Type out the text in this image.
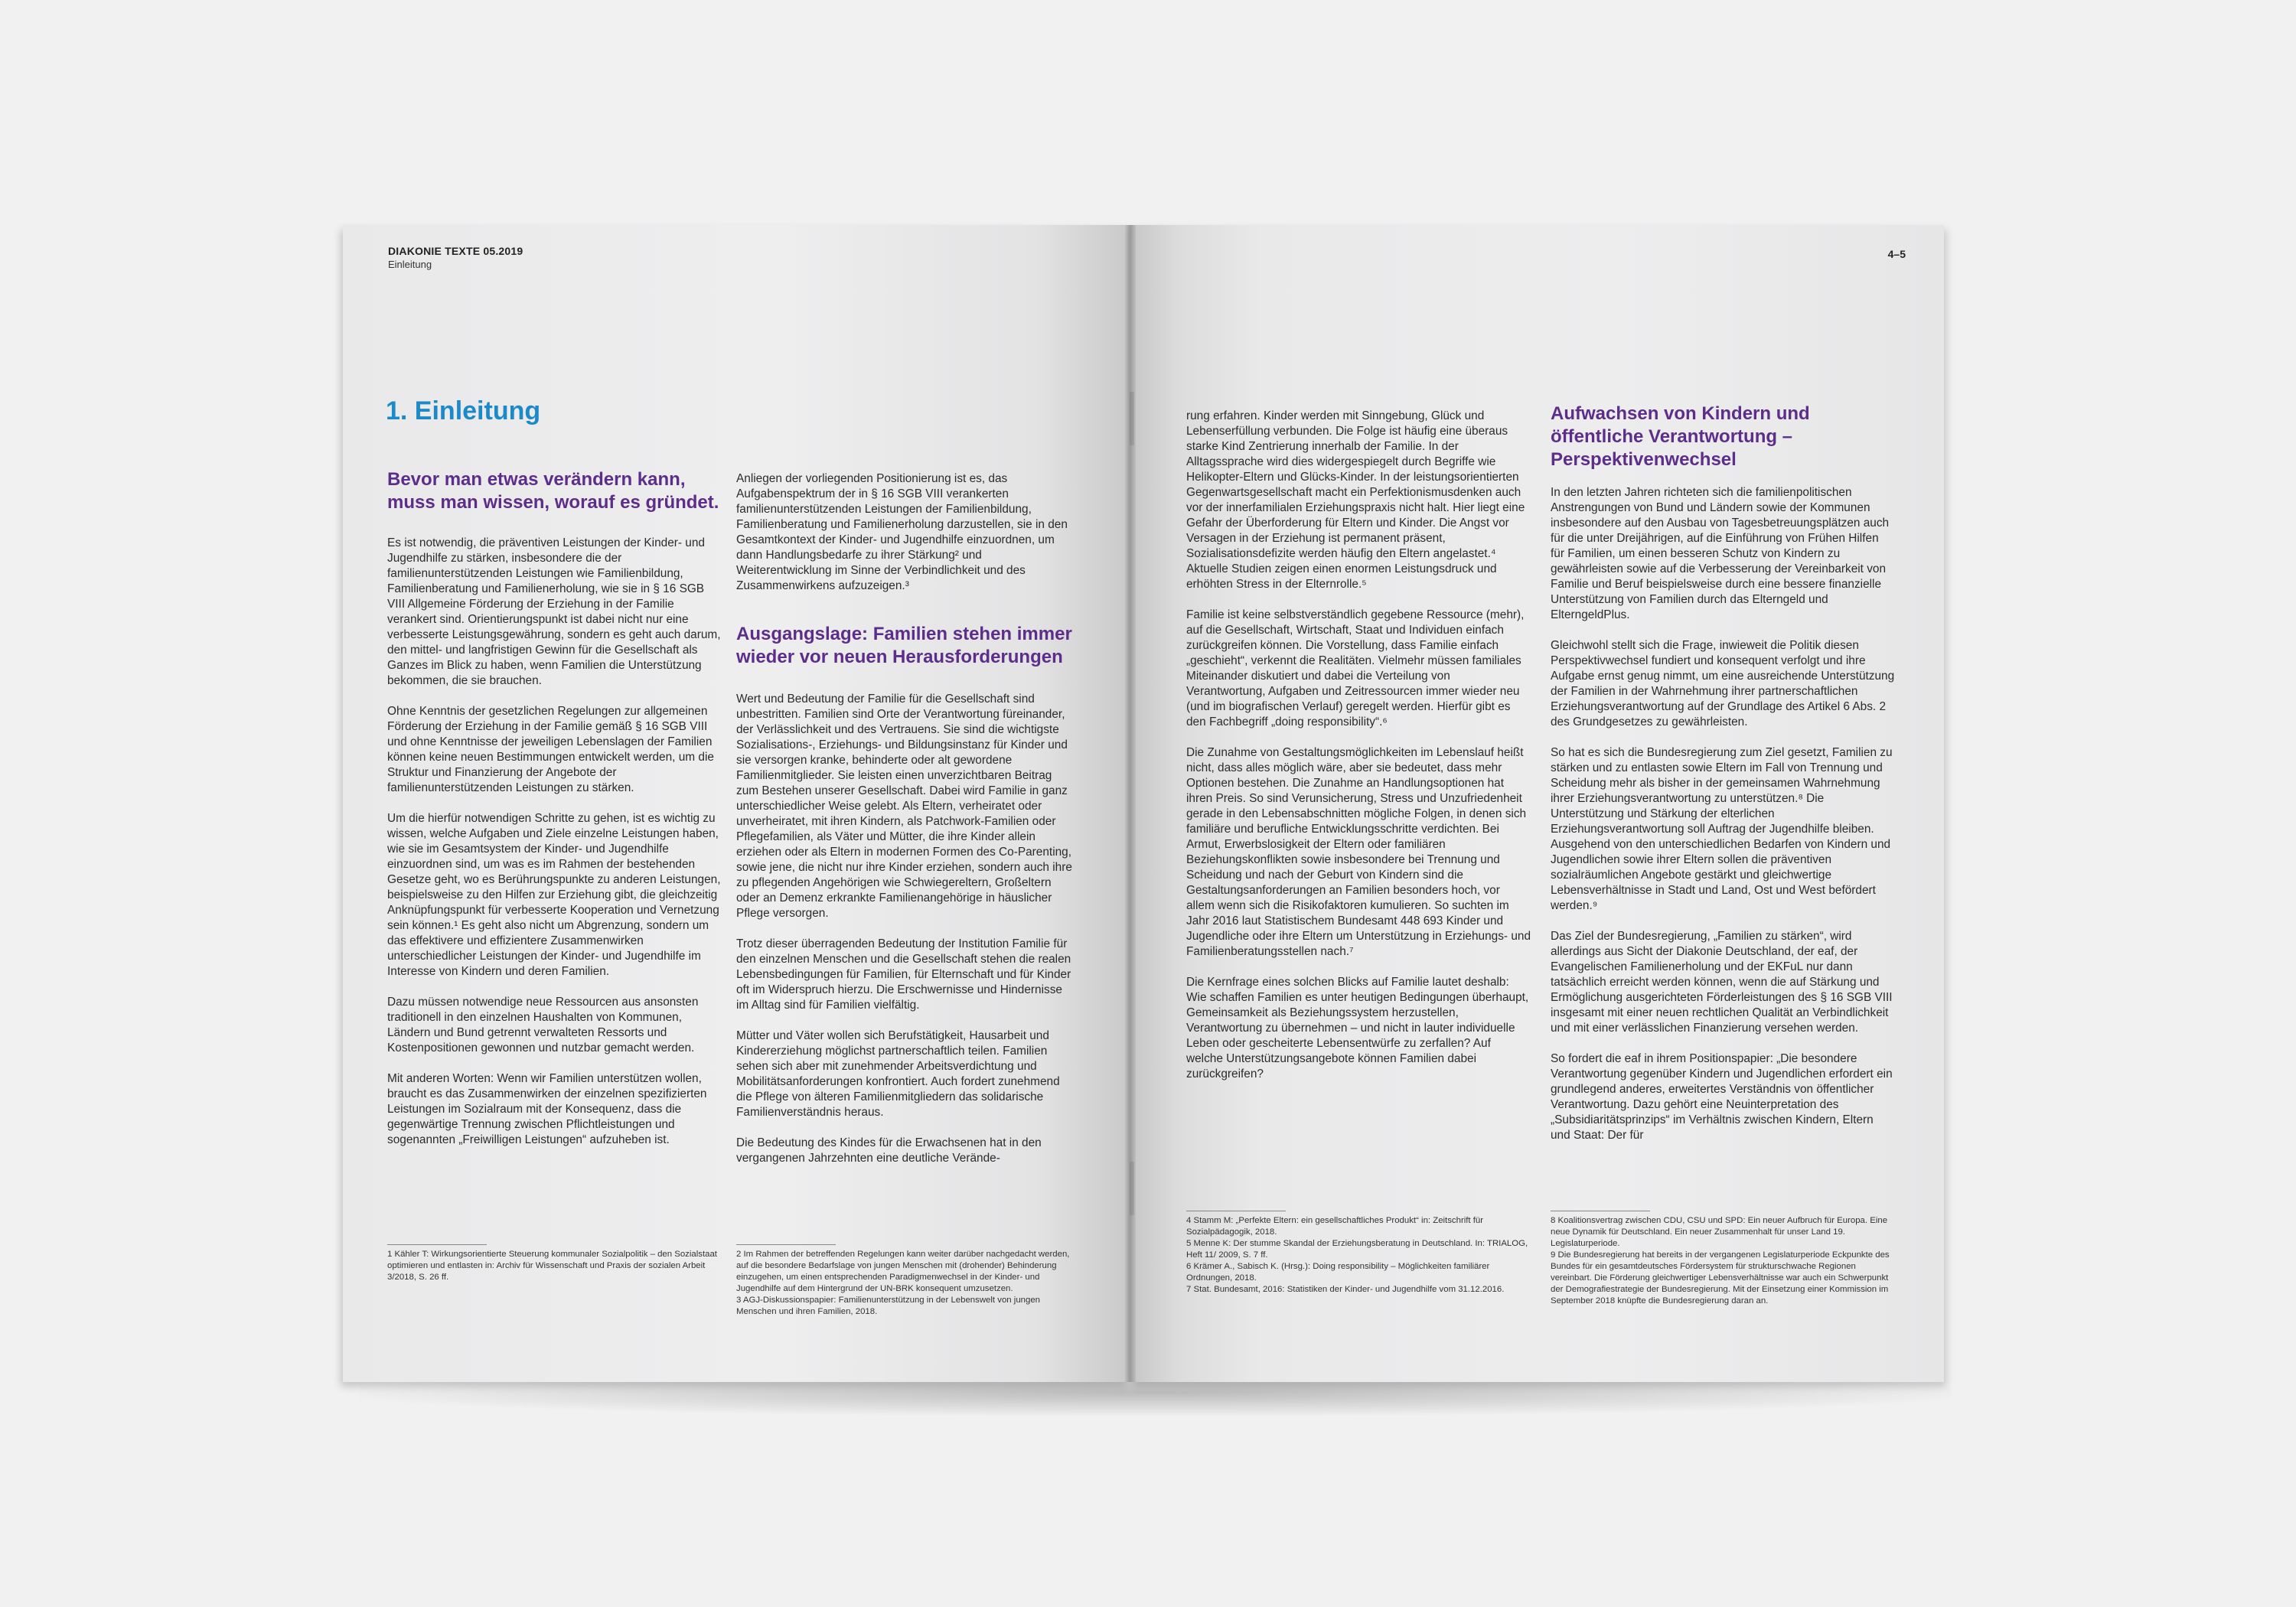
DIAKONIE TEXTE 05.2019
Einleitung
1. Einleitung
Bevor man etwas verändern kann, muss man wissen, worauf es gründet.

Es ist notwendig, die präventiven Leistungen der Kinder- und Jugendhilfe zu stärken, insbesondere die der familienunterstützenden Leistungen wie Familienbildung, Familienberatung und Familienerholung, wie sie in § 16 SGB VIII Allgemeine Förderung der Erziehung in der Familie verankert sind. Orientierungspunkt ist dabei nicht nur eine verbesserte Leistungsgewährung, sondern es geht auch darum, den mittel- und langfristigen Gewinn für die Gesellschaft als Ganzes im Blick zu haben, wenn Familien die Unterstützung bekommen, die sie brauchen.

Ohne Kenntnis der gesetzlichen Regelungen zur allgemeinen Förderung der Erziehung in der Familie gemäß § 16 SGB VIII und ohne Kenntnisse der jeweiligen Lebenslagen der Familien können keine neuen Bestimmungen entwickelt werden, um die Struktur und Finanzierung der Angebote der familienunterstützenden Leistungen zu stärken.

Um die hierfür notwendigen Schritte zu gehen, ist es wichtig zu wissen, welche Aufgaben und Ziele einzelne Leistungen haben, wie sie im Gesamtsystem der Kinder- und Jugendhilfe einzuordnen sind, um was es im Rahmen der bestehenden Gesetze geht, wo es Berührungspunkte zu anderen Leistungen, beispielsweise zu den Hilfen zur Erziehung gibt, die gleichzeitig Anknüpfungspunkt für verbesserte Kooperation und Vernetzung sein können.¹ Es geht also nicht um Abgrenzung, sondern um das effektivere und effizientere Zusammenwirken unterschiedlicher Leistungen der Kinder- und Jugendhilfe im Interesse von Kindern und deren Familien.

Dazu müssen notwendige neue Ressourcen aus ansonsten traditionell in den einzelnen Haushalten von Kommunen, Ländern und Bund getrennt verwalteten Ressorts und Kostenpositionen gewonnen und nutzbar gemacht werden.

Mit anderen Worten: Wenn wir Familien unterstützen wollen, braucht es das Zusammenwirken der einzelnen spezifizierten Leistungen im Sozialraum mit der Konsequenz, dass die gegenwärtige Trennung zwischen Pflichtleistungen und sogenannten „Freiwilligen Leistungen“ aufzuheben ist.

1 Kähler T: Wirkungsorientierte Steuerung kommunaler Sozialpolitik – den Sozialstaat optimieren und entlasten in: Archiv für Wissenschaft und Praxis der sozialen Arbeit 3/2018, S. 26 ff.

Anliegen der vorliegenden Positionierung ist es, das Aufgabenspektrum der in § 16 SGB VIII verankerten familienunterstützenden Leistungen der Familienbildung, Familienberatung und Familienerholung darzustellen, sie in den Gesamtkontext der Kinder- und Jugendhilfe einzuordnen, um dann Handlungsbedarfe zu ihrer Stärkung² und Weiterentwicklung im Sinne der Verbindlichkeit und des Zusammenwirkens aufzuzeigen.³

Ausgangslage: Familien stehen immer wieder vor neuen Herausforderungen

Wert und Bedeutung der Familie für die Gesellschaft sind unbestritten. Familien sind Orte der Verantwortung füreinander, der Verlässlichkeit und des Vertrauens. Sie sind die wichtigste Sozialisations-, Erziehungs- und Bildungsinstanz für Kinder und sie versorgen kranke, behinderte oder alt gewordene Familienmitglieder. Sie leisten einen unverzichtbaren Beitrag zum Bestehen unserer Gesellschaft. Dabei wird Familie in ganz unterschiedlicher Weise gelebt. Als Eltern, verheiratet oder unverheiratet, mit ihren Kindern, als Patchwork-Familien oder Pflegefamilien, als Väter und Mütter, die ihre Kinder allein erziehen oder als Eltern in modernen Formen des Co-Parenting, sowie jene, die nicht nur ihre Kinder erziehen, sondern auch ihre zu pflegenden Angehörigen wie Schwiegereltern, Großeltern oder an Demenz erkrankte Familienangehörige in häuslicher Pflege versorgen.

Trotz dieser überragenden Bedeutung der Institution Familie für den einzelnen Menschen und die Gesellschaft stehen die realen Lebensbedingungen für Familien, für Elternschaft und für Kinder oft im Widerspruch hierzu. Die Erschwernisse und Hindernisse im Alltag sind für Familien vielfältig.

Mütter und Väter wollen sich Berufstätigkeit, Hausarbeit und Kindererziehung möglichst partnerschaftlich teilen. Familien sehen sich aber mit zunehmender Arbeitsverdichtung und Mobilitätsanforderungen konfrontiert. Auch fordert zunehmend die Pflege von älteren Familienmitgliedern das solidarische Familienverständnis heraus.

Die Bedeutung des Kindes für die Erwachsenen hat in den vergangenen Jahrzehnten eine deutliche Verände-

2 Im Rahmen der betreffenden Regelungen kann weiter darüber nachgedacht werden, auf die besondere Bedarfslage von jungen Menschen mit (drohender) Behinderung einzugehen, um einen entsprechenden Paradigmenwechsel in der Kinder- und Jugendhilfe auf dem Hintergrund der UN-BRK konsequent umzusetzen.

3 AGJ-Diskussionspapier: Familienunterstützung in der Lebenswelt von jungen Menschen und ihren Familien, 2018.

4–5

rung erfahren. Kinder werden mit Sinngebung, Glück und Lebenserfüllung verbunden. Die Folge ist häufig eine überaus starke Kind Zentrierung innerhalb der Familie. In der Alltagssprache wird dies widergespiegelt durch Begriffe wie Helikopter-Eltern und Glücks-Kinder. In der leistungsorientierten Gegenwartsgesellschaft macht ein Perfektionismusdenken auch vor der innerfamilialen Erziehungspraxis nicht halt. Hier liegt eine Gefahr der Überforderung für Eltern und Kinder. Die Angst vor Versagen in der Erziehung ist permanent präsent, Sozialisationsdefizite werden häufig den Eltern angelastet.⁴ Aktuelle Studien zeigen einen enormen Leistungsdruck und erhöhten Stress in der Elternrolle.⁵

Familie ist keine selbstverständlich gegebene Ressource (mehr), auf die Gesellschaft, Wirtschaft, Staat und Individuen einfach zurückgreifen können. Die Vorstellung, dass Familie einfach „geschieht“, verkennt die Realitäten. Vielmehr müssen familiales Miteinander diskutiert und dabei die Verteilung von Verantwortung, Aufgaben und Zeitressourcen immer wieder neu (und im biografischen Verlauf) geregelt werden. Hierfür gibt es den Fachbegriff „doing responsibility“.⁶

Die Zunahme von Gestaltungsmöglichkeiten im Lebenslauf heißt nicht, dass alles möglich wäre, aber sie bedeutet, dass mehr Optionen bestehen. Die Zunahme an Handlungsoptionen hat ihren Preis. So sind Verunsicherung, Stress und Unzufriedenheit gerade in den Lebensabschnitten mögliche Folgen, in denen sich familiäre und berufliche Entwicklungsschritte verdichten. Bei Armut, Erwerbslosigkeit der Eltern oder familiären Beziehungskonflikten sowie insbesondere bei Trennung und Scheidung und nach der Geburt von Kindern sind die Gestaltungsanforderungen an Familien besonders hoch, vor allem wenn sich die Risikofaktoren kumulieren. So suchten im Jahr 2016 laut Statistischem Bundesamt 448 693 Kinder und Jugendliche oder ihre Eltern um Unterstützung in Erziehungs- und Familienberatungsstellen nach.⁷

Die Kernfrage eines solchen Blicks auf Familie lautet deshalb: Wie schaffen Familien es unter heutigen Bedingungen überhaupt, Gemeinsamkeit als Beziehungssystem herzustellen, Verantwortung zu übernehmen – und nicht in lauter individuelle Leben oder gescheiterte Lebensentwürfe zu zerfallen? Auf welche Unterstützungsangebote können Familien dabei zurückgreifen?

4 Stamm M: „Perfekte Eltern: ein gesellschaftliches Produkt“ in: Zeitschrift für Sozialpädagogik, 2018.

5 Menne K: Der stumme Skandal der Erziehungsberatung in Deutschland. In: TRIALOG, Heft 11/ 2009, S. 7 ff.

6 Krämer A., Sabisch K. (Hrsg.): Doing responsibility – Möglichkeiten familiärer Ordnungen, 2018.

7 Stat. Bundesamt, 2016: Statistiken der Kinder- und Jugendhilfe vom 31.12.2016.

Aufwachsen von Kindern und öffentliche Verantwortung – Perspektivenwechsel

In den letzten Jahren richteten sich die familienpolitischen Anstrengungen von Bund und Ländern sowie der Kommunen insbesondere auf den Ausbau von Tagesbetreuungsplätzen auch für die unter Dreijährigen, auf die Einführung von Frühen Hilfen für Familien, um einen besseren Schutz von Kindern zu gewährleisten sowie auf die Verbesserung der Vereinbarkeit von Familie und Beruf beispielsweise durch eine bessere finanzielle Unterstützung von Familien durch das Elterngeld und ElterngeldPlus.

Gleichwohl stellt sich die Frage, inwieweit die Politik diesen Perspektivwechsel fundiert und konsequent verfolgt und ihre Aufgabe ernst genug nimmt, um eine ausreichende Unterstützung der Familien in der Wahrnehmung ihrer partnerschaftlichen Erziehungsverantwortung auf der Grundlage des Artikel 6 Abs. 2 des Grundgesetzes zu gewährleisten.

So hat es sich die Bundesregierung zum Ziel gesetzt, Familien zu stärken und zu entlasten sowie Eltern im Fall von Trennung und Scheidung mehr als bisher in der gemeinsamen Wahrnehmung ihrer Erziehungsverantwortung zu unterstützen.⁸ Die Unterstützung und Stärkung der elterlichen Erziehungsverantwortung soll Auftrag der Jugendhilfe bleiben. Ausgehend von den unterschiedlichen Bedarfen von Kindern und Jugendlichen sowie ihrer Eltern sollen die präventiven sozialräumlichen Angebote gestärkt und gleichwertige Lebensverhältnisse in Stadt und Land, Ost und West befördert werden.⁹

Das Ziel der Bundesregierung, „Familien zu stärken“, wird allerdings aus Sicht der Diakonie Deutschland, der eaf, der Evangelischen Familienerholung und der EKFuL nur dann tatsächlich erreicht werden können, wenn die auf Stärkung und Ermöglichung ausgerichteten Förderleistungen des § 16 SGB VIII insgesamt mit einer neuen rechtlichen Qualität an Verbindlichkeit und mit einer verlässlichen Finanzierung versehen werden.

So fordert die eaf in ihrem Positionspapier: „Die besondere Verantwortung gegenüber Kindern und Jugendlichen erfordert ein grundlegend anderes, erweitertes Verständnis von öffentlicher Verantwortung. Dazu gehört eine Neuinterpretation des „Subsidiaritätsprinzips“ im Verhältnis zwischen Kindern, Eltern und Staat: Der für

8 Koalitionsvertrag zwischen CDU, CSU und SPD: Ein neuer Aufbruch für Europa. Eine neue Dynamik für Deutschland. Ein neuer Zusammenhalt für unser Land 19. Legislaturperiode.

9 Die Bundesregierung hat bereits in der vergangenen Legislaturperiode Eckpunkte des Bundes für ein gesamtdeutsches Fördersystem für strukturschwache Regionen vereinbart. Die Förderung gleichwertiger Lebensverhältnisse war auch ein Schwerpunkt der Demografiestrategie der Bundesregierung. Mit der Einsetzung einer Kommission im September 2018 knüpfte die Bundesregierung daran an.
